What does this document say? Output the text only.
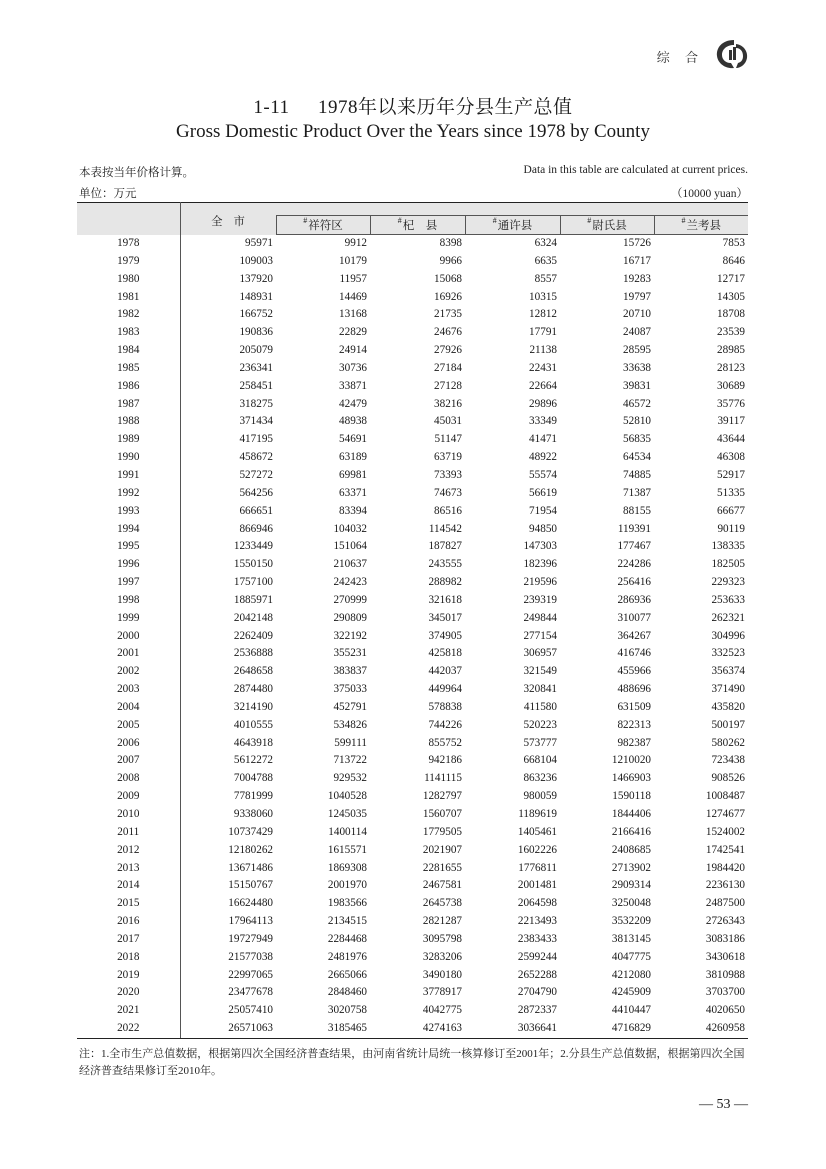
综 合
1-11 1978年以来历年分县生产总值
Gross Domestic Product Over the Years since 1978 by County
本表按当年价格计算。	Data in this table are calculated at current prices.
单位：万元	（10000 yuan）
	全　市					
		#祥符区	#杞　县	#通许县	#尉氏县	#兰考县
1978	95971	9912	8398	6324	15726	7853
1979	109003	10179	9966	6635	16717	8646
1980	137920	11957	15068	8557	19283	12717
1981	148931	14469	16926	10315	19797	14305
1982	166752	13168	21735	12812	20710	18708
1983	190836	22829	24676	17791	24087	23539
1984	205079	24914	27926	21138	28595	28985
1985	236341	30736	27184	22431	33638	28123
1986	258451	33871	27128	22664	39831	30689
1987	318275	42479	38216	29896	46572	35776
1988	371434	48938	45031	33349	52810	39117
1989	417195	54691	51147	41471	56835	43644
1990	458672	63189	63719	48922	64534	46308
1991	527272	69981	73393	55574	74885	52917
1992	564256	63371	74673	56619	71387	51335
1993	666651	83394	86516	71954	88155	66677
1994	866946	104032	114542	94850	119391	90119
1995	1233449	151064	187827	147303	177467	138335
1996	1550150	210637	243555	182396	224286	182505
1997	1757100	242423	288982	219596	256416	229323
1998	1885971	270999	321618	239319	286936	253633
1999	2042148	290809	345017	249844	310077	262321
2000	2262409	322192	374905	277154	364267	304996
2001	2536888	355231	425818	306957	416746	332523
2002	2648658	383837	442037	321549	455966	356374
2003	2874480	375033	449964	320841	488696	371490
2004	3214190	452791	578838	411580	631509	435820
2005	4010555	534826	744226	520223	822313	500197
2006	4643918	599111	855752	573777	982387	580262
2007	5612272	713722	942186	668104	1210020	723438
2008	7004788	929532	1141115	863236	1466903	908526
2009	7781999	1040528	1282797	980059	1590118	1008487
2010	9338060	1245035	1560707	1189619	1844406	1274677
2011	10737429	1400114	1779505	1405461	2166416	1524002
2012	12180262	1615571	2021907	1602226	2408685	1742541
2013	13671486	1869308	2281655	1776811	2713902	1984420
2014	15150767	2001970	2467581	2001481	2909314	2236130
2015	16624480	1983566	2645738	2064598	3250048	2487500
2016	17964113	2134515	2821287	2213493	3532209	2726343
2017	19727949	2284468	3095798	2383433	3813145	3083186
2018	21577038	2481976	3283206	2599244	4047775	3430618
2019	22997065	2665066	3490180	2652288	4212080	3810988
2020	23477678	2848460	3778917	2704790	4245909	3703700
2021	25057410	3020758	4042775	2872337	4410447	4020650
2022	26571063	3185465	4274163	3036641	4716829	4260958
注：1.全市生产总值数据，根据第四次全国经济普查结果，由河南省统计局统一核算修订至2001年；2.分县生产总值数据，根据第四次全国经济普查结果修订至2010年。
— 53 —
